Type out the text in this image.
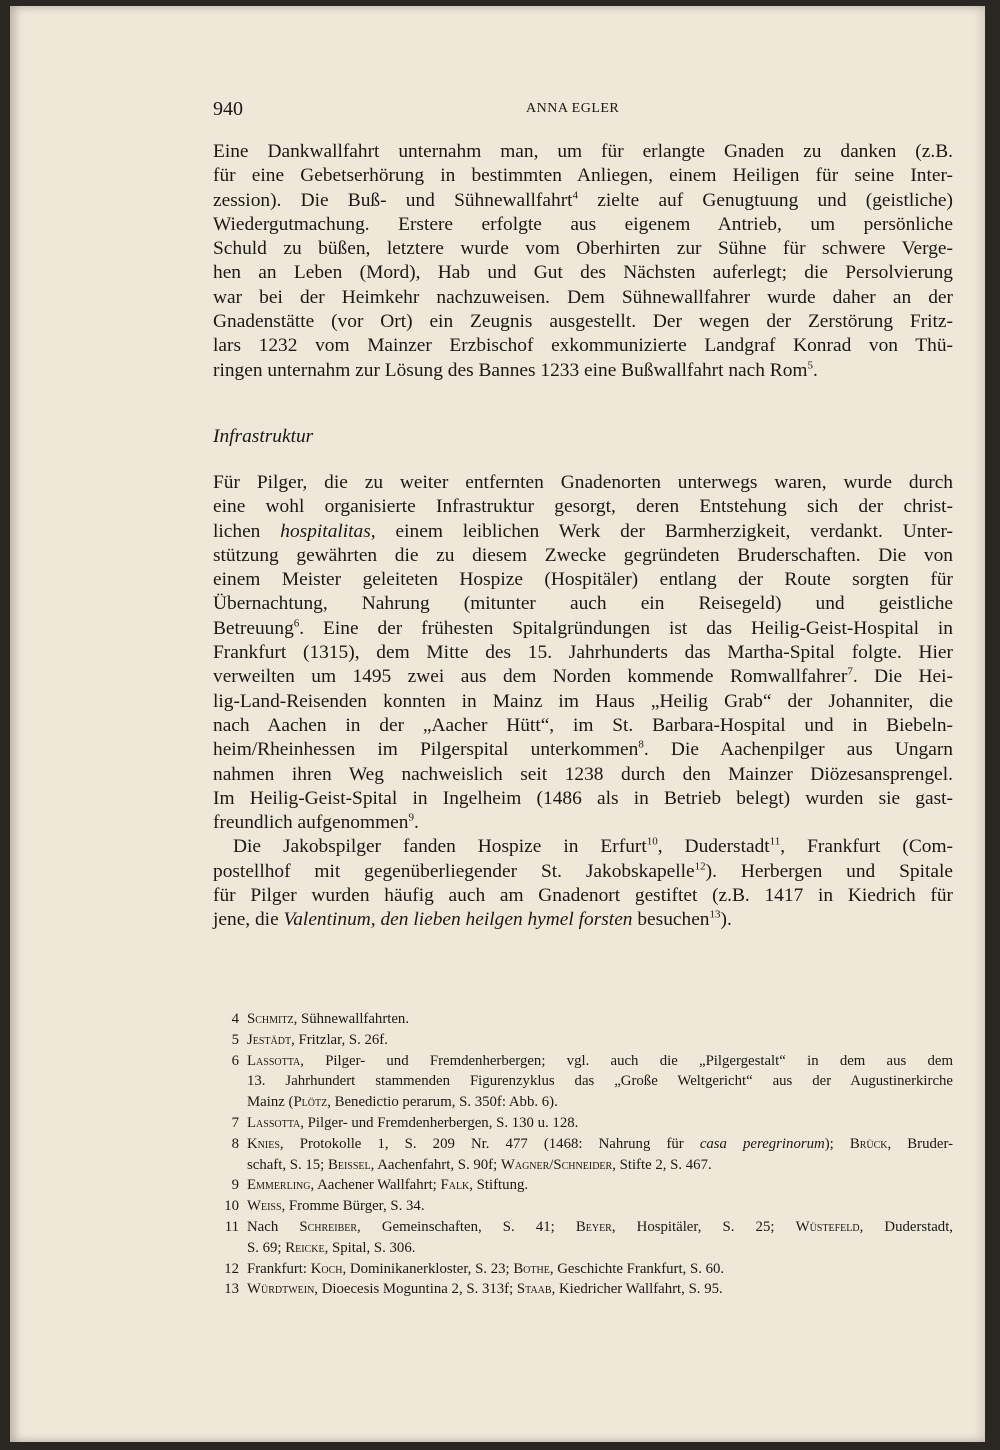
940	ANNA EGLER
Eine Dankwallfahrt unternahm man, um für erlangte Gnaden zu danken (z.B.
für eine Gebetserhörung in bestimmten Anliegen, einem Heiligen für seine Inter-
zession). Die Buß- und Sühnewallfahrt$^4$ zielte auf Genugtuung und (geistliche)
Wiedergutmachung. Erstere erfolgte aus eigenem Antrieb, um persönliche
Schuld zu büßen, letztere wurde vom Oberhirten zur Sühne für schwere Verge-
hen an Leben (Mord), Hab und Gut des Nächsten auferlegt; die Persolvierung
war bei der Heimkehr nachzuweisen. Dem Sühnewallfahrer wurde daher an der
Gnadenstätte (vor Ort) ein Zeugnis ausgestellt. Der wegen der Zerstörung Fritz-
lars 1232 vom Mainzer Erzbischof exkommunizierte Landgraf Konrad von Thü-
ringen unternahm zur Lösung des Bannes 1233 eine Bußwallfahrt nach Rom$^5$.
Infrastruktur
Für Pilger, die zu weiter entfernten Gnadenorten unterwegs waren, wurde durch
eine wohl organisierte Infrastruktur gesorgt, deren Entstehung sich der christ-
lichen hospitalitas, einem leiblichen Werk der Barmherzigkeit, verdankt. Unter-
stützung gewährten die zu diesem Zwecke gegründeten Bruderschaften. Die von
einem Meister geleiteten Hospize (Hospitäler) entlang der Route sorgten für
Übernachtung, Nahrung (mitunter auch ein Reisegeld) und geistliche
Betreuung$^6$. Eine der frühesten Spitalgründungen ist das Heilig-Geist-Hospital in
Frankfurt (1315), dem Mitte des 15. Jahrhunderts das Martha-Spital folgte. Hier
verweilten um 1495 zwei aus dem Norden kommende Romwallfahrer$^7$. Die Hei-
lig-Land-Reisenden konnten in Mainz im Haus „Heilig Grab“ der Johanniter, die
nach Aachen in der „Aacher Hütt“, im St. Barbara-Hospital und in Biebeln-
heim/Rheinhessen im Pilgerspital unterkommen$^8$. Die Aachenpilger aus Ungarn
nahmen ihren Weg nachweislich seit 1238 durch den Mainzer Diözesansprengel.
Im Heilig-Geist-Spital in Ingelheim (1486 als in Betrieb belegt) wurden sie gast-
freundlich aufgenommen$^9$.
Die Jakobspilger fanden Hospize in Erfurt$^{10}$, Duderstadt$^{11}$, Frankfurt (Com-
postellhof mit gegenüberliegender St. Jakobskapelle$^{12}$). Herbergen und Spitale
für Pilger wurden häufig auch am Gnadenort gestiftet (z.B. 1417 in Kiedrich für
jene, die Valentinum, den lieben heilgen hymel forsten besuchen$^{13}$).
4 Schmitz, Sühnewallfahrten.
5 Jestädt, Fritzlar, S. 26f.
6 Lassotta, Pilger- und Fremdenherbergen; vgl. auch die „Pilgergestalt“ in dem aus dem
13. Jahrhundert stammenden Figurenzyklus das „Große Weltgericht“ aus der Augustinerkirche
Mainz (Plötz, Benedictio perarum, S. 350f: Abb. 6).
7 Lassotta, Pilger- und Fremdenherbergen, S. 130 u. 128.
8 Knies, Protokolle 1, S. 209 Nr. 477 (1468: Nahrung für casa peregrinorum); Brück, Bruder-
schaft, S. 15; Beissel, Aachenfahrt, S. 90f; Wagner/Schneider, Stifte 2, S. 467.
9 Emmerling, Aachener Wallfahrt; Falk, Stiftung.
10 Weiss, Fromme Bürger, S. 34.
11 Nach Schreiber, Gemeinschaften, S. 41; Beyer, Hospitäler, S. 25; Wüstefeld, Duderstadt,
S. 69; Reicke, Spital, S. 306.
12 Frankfurt: Koch, Dominikanerkloster, S. 23; Bothe, Geschichte Frankfurt, S. 60.
13 Würdtwein, Dioecesis Moguntina 2, S. 313f; Staab, Kiedricher Wallfahrt, S. 95.
